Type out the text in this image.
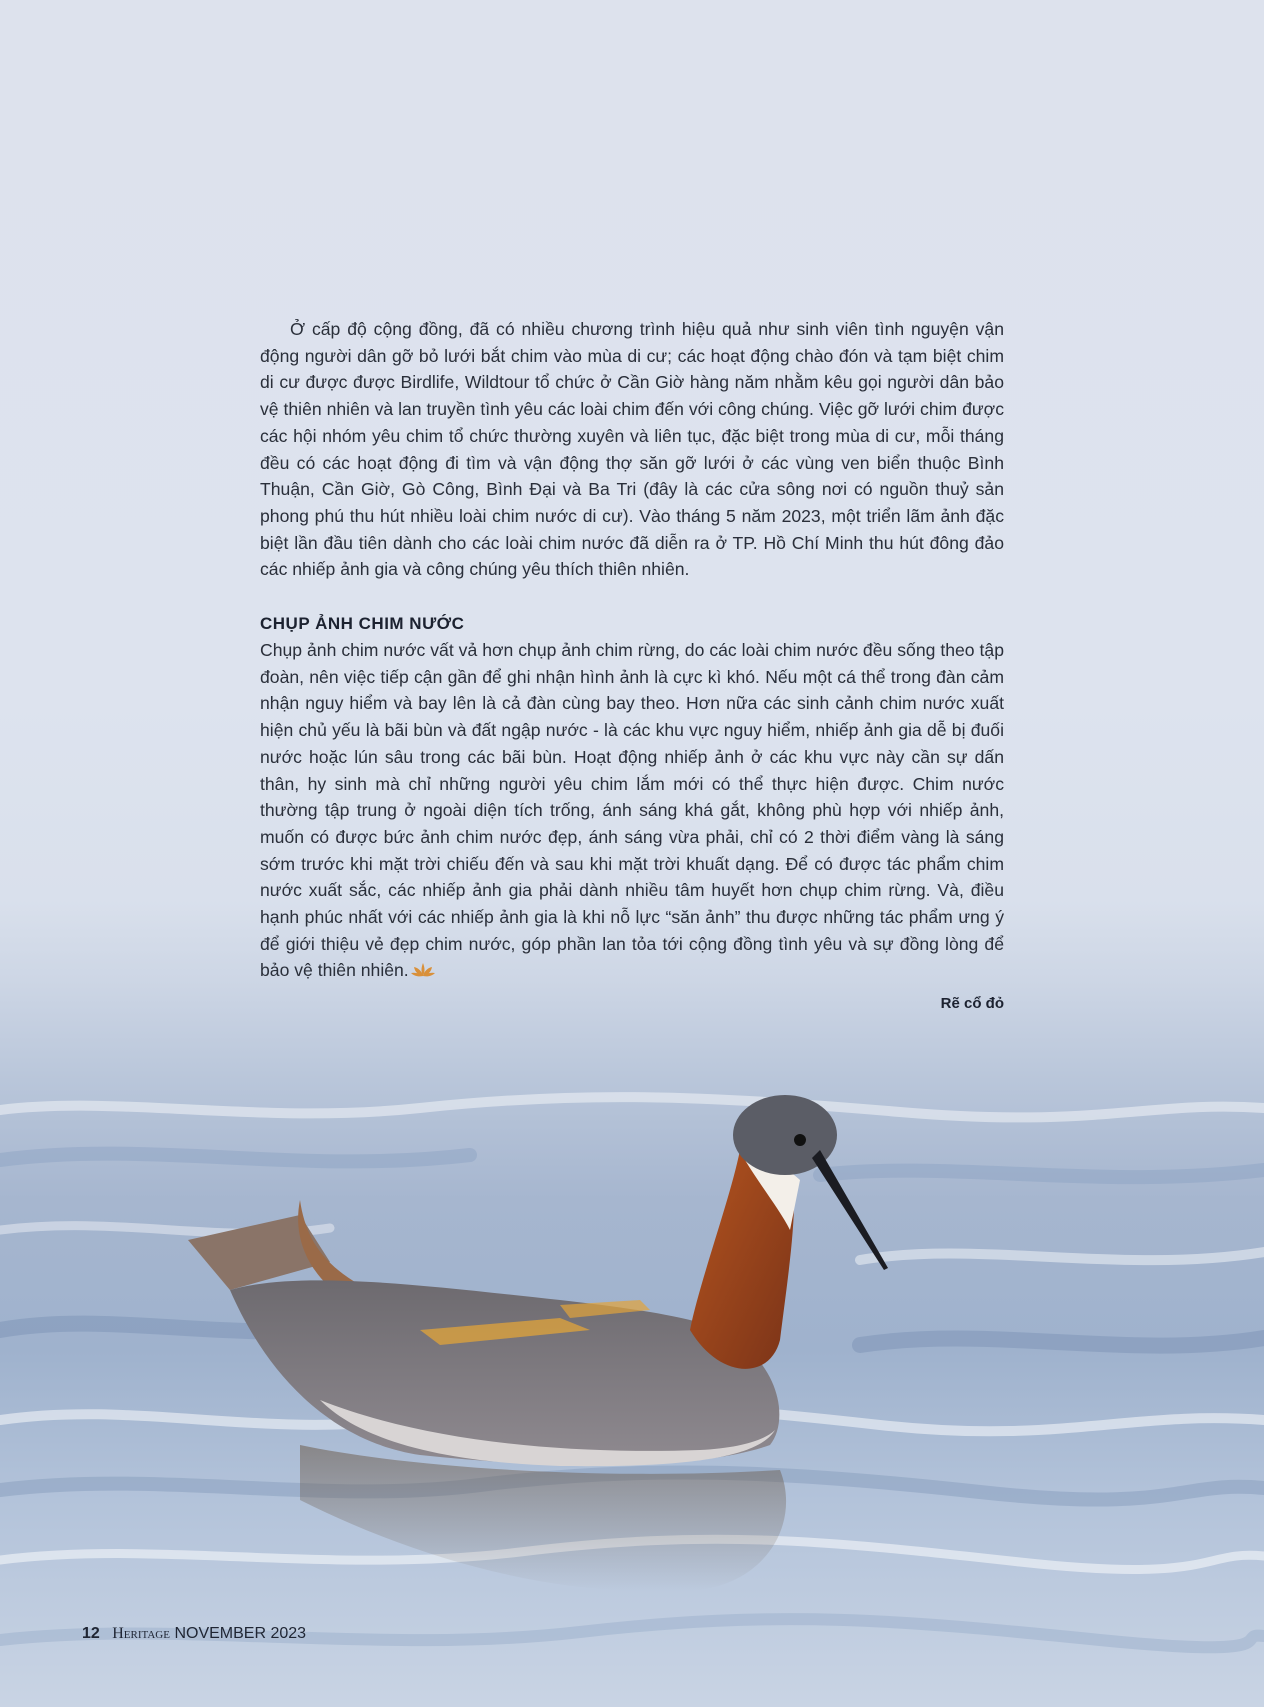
Ở cấp độ cộng đồng, đã có nhiều chương trình hiệu quả như sinh viên tình nguyện vận động người dân gỡ bỏ lưới bắt chim vào mùa di cư; các hoạt động chào đón và tạm biệt chim di cư được được Birdlife, Wildtour tổ chức ở Cần Giờ hàng năm nhằm kêu gọi người dân bảo vệ thiên nhiên và lan truyền tình yêu các loài chim đến với công chúng. Việc gỡ lưới chim được các hội nhóm yêu chim tổ chức thường xuyên và liên tục, đặc biệt trong mùa di cư, mỗi tháng đều có các hoạt động đi tìm và vận động thợ săn gỡ lưới ở các vùng ven biển thuộc Bình Thuận, Cần Giờ, Gò Công, Bình Đại và Ba Tri (đây là các cửa sông nơi có nguồn thuỷ sản phong phú thu hút nhiều loài chim nước di cư). Vào tháng 5 năm 2023, một triển lãm ảnh đặc biệt lần đầu tiên dành cho các loài chim nước đã diễn ra ở TP. Hồ Chí Minh thu hút đông đảo các nhiếp ảnh gia và công chúng yêu thích thiên nhiên.

CHỤP ẢNH CHIM NƯỚC

Chụp ảnh chim nước vất vả hơn chụp ảnh chim rừng, do các loài chim nước đều sống theo tập đoàn, nên việc tiếp cận gần để ghi nhận hình ảnh là cực kì khó. Nếu một cá thể trong đàn cảm nhận nguy hiểm và bay lên là cả đàn cùng bay theo. Hơn nữa các sinh cảnh chim nước xuất hiện chủ yếu là bãi bùn và đất ngập nước - là các khu vực nguy hiểm, nhiếp ảnh gia dễ bị đuối nước hoặc lún sâu trong các bãi bùn. Hoạt động nhiếp ảnh ở các khu vực này cần sự dấn thân, hy sinh mà chỉ những người yêu chim lắm mới có thể thực hiện được. Chim nước thường tập trung ở ngoài diện tích trống, ánh sáng khá gắt, không phù hợp với nhiếp ảnh, muốn có được bức ảnh chim nước đẹp, ánh sáng vừa phải, chỉ có 2 thời điểm vàng là sáng sớm trước khi mặt trời chiếu đến và sau khi mặt trời khuất dạng. Để có được tác phẩm chim nước xuất sắc, các nhiếp ảnh gia phải dành nhiều tâm huyết hơn chụp chim rừng. Và, điều hạnh phúc nhất với các nhiếp ảnh gia là khi nỗ lực “săn ảnh” thu được những tác phẩm ưng ý để giới thiệu vẻ đẹp chim nước, góp phần lan tỏa tới cộng đồng tình yêu và sự đồng lòng để bảo vệ thiên nhiên.

Rẽ cổ đỏ
12 Heritage NOVEMBER 2023
